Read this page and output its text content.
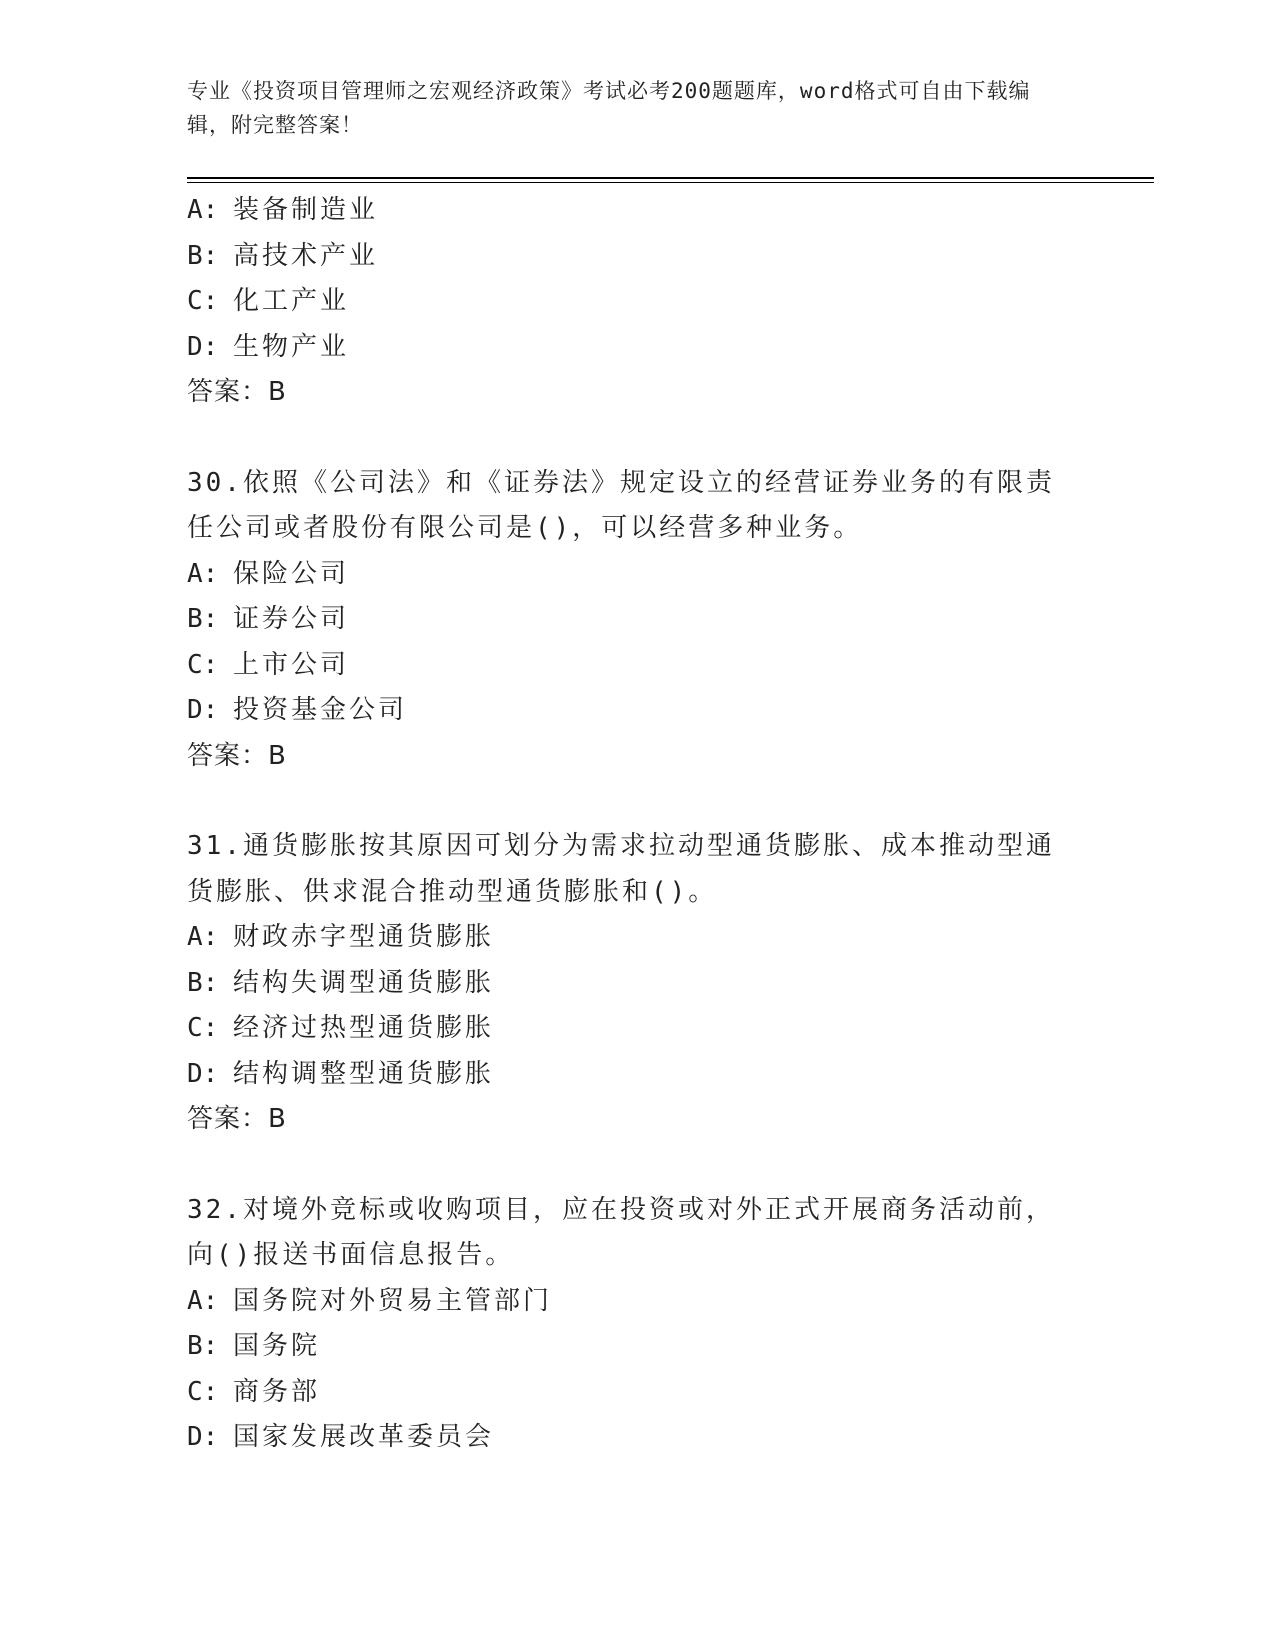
专业《投资项目管理师之宏观经济政策》考试必考200题题库，word格式可自由下载编辑，附完整答案！
A: 装备制造业
B: 高技术产业
C: 化工产业
D: 生物产业
答案：B
30.依照《公司法》和《证券法》规定设立的经营证券业务的有限责任公司或者股份有限公司是()，可以经营多种业务。
A: 保险公司
B: 证券公司
C: 上市公司
D: 投资基金公司
答案：B
31.通货膨胀按其原因可划分为需求拉动型通货膨胀、成本推动型通货膨胀、供求混合推动型通货膨胀和()。
A: 财政赤字型通货膨胀
B: 结构失调型通货膨胀
C: 经济过热型通货膨胀
D: 结构调整型通货膨胀
答案：B
32.对境外竞标或收购项目，应在投资或对外正式开展商务活动前，向()报送书面信息报告。
A: 国务院对外贸易主管部门
B: 国务院
C: 商务部
D: 国家发展改革委员会
